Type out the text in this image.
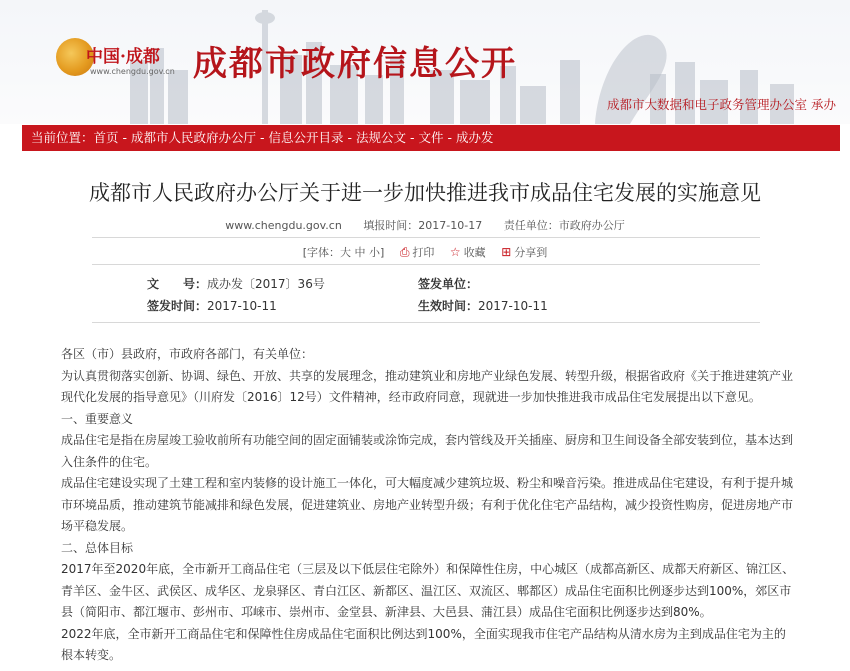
中国·成都
www.chengdu.gov.cn 成都市政府信息公开
成都市大数据和电子政务管理办公室 承办
当前位置：首页 - 成都市人民政府办公厅 - 信息公开目录 - 法规公文 - 文件 - 成办发
成都市人民政府办公厅关于进一步加快推进我市成品住宅发展的实施意见
www.chengdu.gov.cn 填报时间：2017-10-17 责任单位：市政府办公厅
[字体：大 中 小] ⎙ 打印 ☆ 收藏 ⊞ 分享到
文　　号：成办发〔2017〕36号
签发时间：2017-10-11
签发单位：
生效时间：2017-10-11

各区（市）县政府，市政府各部门，有关单位：

为认真贯彻落实创新、协调、绿色、开放、共享的发展理念，推动建筑业和房地产业绿色发展、转型升级，根据省政府《关于推进建筑产业现代化发展的指导意见》（川府发〔2016〕12号）文件精神，经市政府同意，现就进一步加快推进我市成品住宅发展提出以下意见。

一、重要意义

成品住宅是指在房屋竣工验收前所有功能空间的固定面铺装或涂饰完成，套内管线及开关插座、厨房和卫生间设备全部安装到位，基本达到入住条件的住宅。

成品住宅建设实现了土建工程和室内装修的设计施工一体化，可大幅度减少建筑垃圾、粉尘和噪音污染。推进成品住宅建设，有利于提升城市环境品质，推动建筑节能减排和绿色发展，促进建筑业、房地产业转型升级；有利于优化住宅产品结构，减少投资性购房，促进房地产市场平稳发展。

二、总体目标

2017年至2020年底，全市新开工商品住宅（三层及以下低层住宅除外）和保障性住房，中心城区（成都高新区、成都天府新区、锦江区、青羊区、金牛区、武侯区、成华区、龙泉驿区、青白江区、新都区、温江区、双流区、郫都区）成品住宅面积比例逐步达到100%，郊区市县（简阳市、都江堰市、彭州市、邛崃市、崇州市、金堂县、新津县、大邑县、蒲江县）成品住宅面积比例逐步达到80%。

2022年底，全市新开工商品住宅和保障性住房成品住宅面积比例达到100%，全面实现我市住宅产品结构从清水房为主到成品住宅为主的根本转变。
